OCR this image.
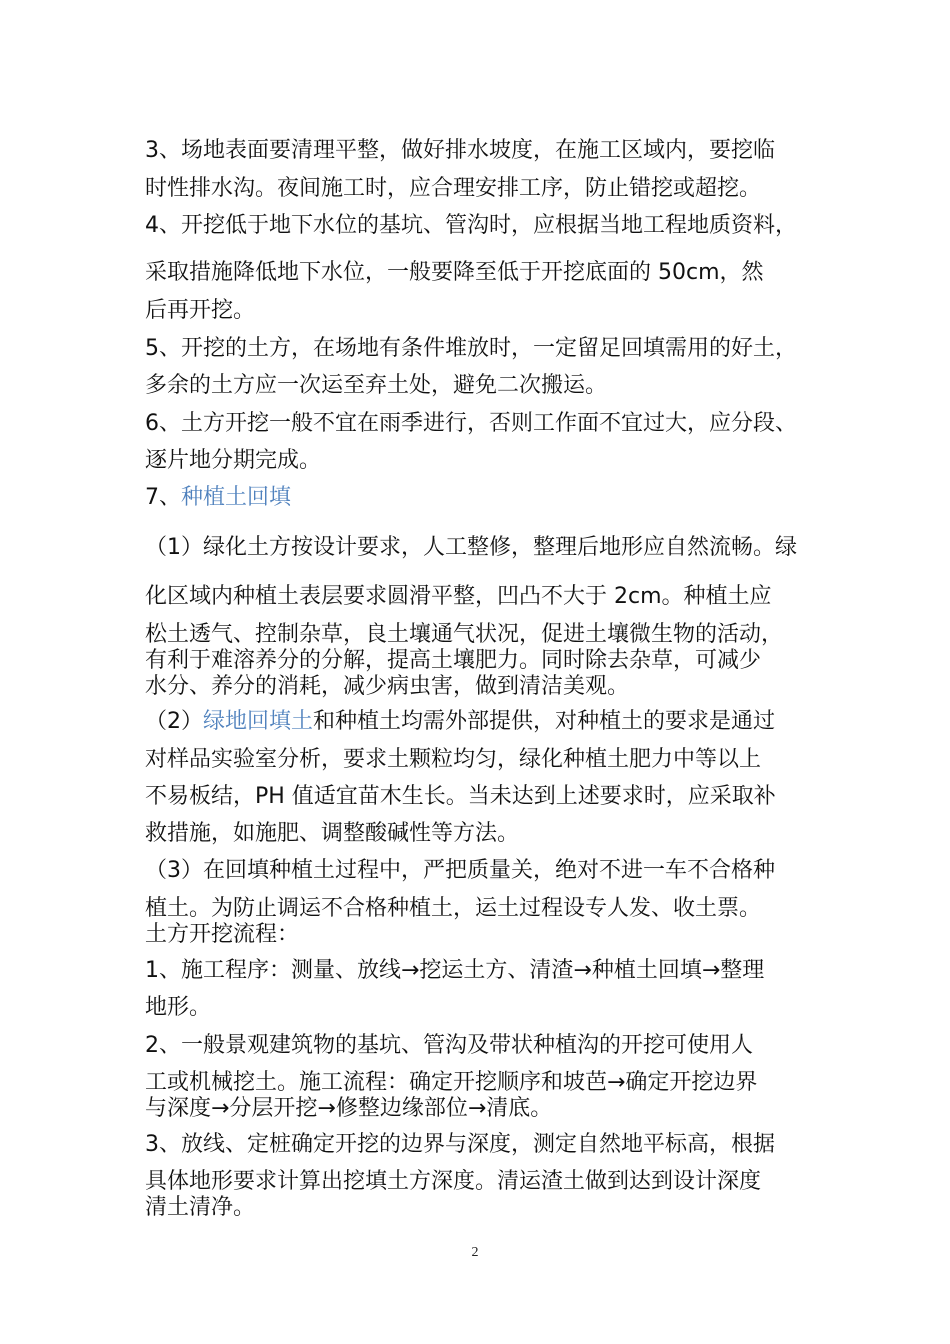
3、场地表面要清理平整，做好排水坡度，在施工区域内，要挖临
时性排水沟。夜间施工时，应合理安排工序，防止错挖或超挖。
4、开挖低于地下水位的基坑、管沟时，应根据当地工程地质资料，
采取措施降低地下水位，一般要降至低于开挖底面的 50cm，然
后再开挖。
5、开挖的土方，在场地有条件堆放时，一定留足回填需用的好土，
多余的土方应一次运至弃土处，避免二次搬运。
6、土方开挖一般不宜在雨季进行，否则工作面不宜过大，应分段、
逐片地分期完成。
7、种植土回填
（1）绿化土方按设计要求，人工整修，整理后地形应自然流畅。绿
化区域内种植土表层要求圆滑平整，凹凸不大于 2cm。种植土应
松土透气、控制杂草，良土壤通气状况，促进土壤微生物的活动，
有利于难溶养分的分解，提高土壤肥力。同时除去杂草，可减少
水分、养分的消耗，减少病虫害，做到清洁美观。
（2）绿地回填土和种植土均需外部提供，对种植土的要求是通过
对样品实验室分析，要求土颗粒均匀，绿化种植土肥力中等以上
不易板结，PH 值适宜苗木生长。当未达到上述要求时，应采取补
救措施，如施肥、调整酸碱性等方法。
（3）在回填种植土过程中，严把质量关，绝对不进一车不合格种
植土。为防止调运不合格种植土，运土过程设专人发、收土票。
土方开挖流程：
1、施工程序：测量、放线→挖运土方、清渣→种植土回填→整理
地形。
2、一般景观建筑物的基坑、管沟及带状种植沟的开挖可使用人
工或机械挖土。施工流程：确定开挖顺序和坡芭→确定开挖边界
与深度→分层开挖→修整边缘部位→清底。
3、放线、定桩确定开挖的边界与深度，测定自然地平标高，根据
具体地形要求计算出挖填土方深度。清运渣土做到达到设计深度
清土清净。
2
